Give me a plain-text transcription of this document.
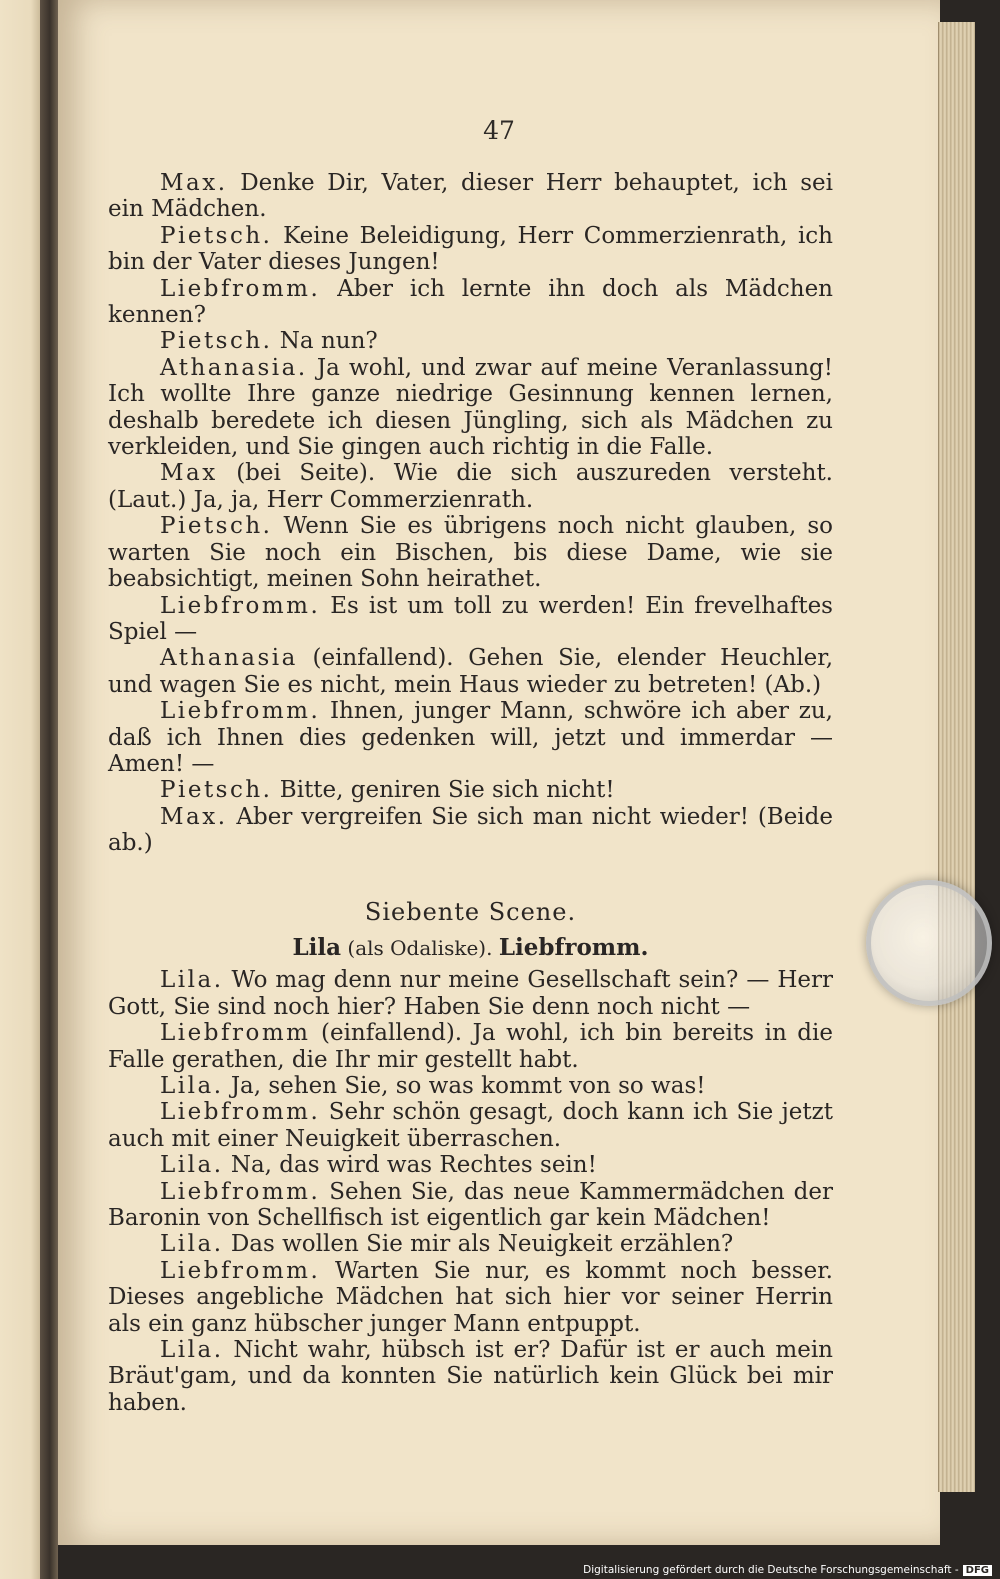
47

Max. Denke Dir, Vater, dieser Herr behauptet, ich sei ein Mädchen.

Pietsch. Keine Beleidigung, Herr Commerzienrath, ich bin der Vater dieses Jungen!

Liebfromm. Aber ich lernte ihn doch als Mädchen kennen?

Pietsch. Na nun?

Athanasia. Ja wohl, und zwar auf meine Veranlassung! Ich wollte Ihre ganze niedrige Gesinnung kennen lernen, deshalb beredete ich diesen Jüngling, sich als Mädchen zu verkleiden, und Sie gingen auch richtig in die Falle.

Max (bei Seite). Wie die sich auszureden versteht. (Laut.) Ja, ja, Herr Commerzienrath.

Pietsch. Wenn Sie es übrigens noch nicht glauben, so warten Sie noch ein Bischen, bis diese Dame, wie sie beabsichtigt, meinen Sohn heirathet.

Liebfromm. Es ist um toll zu werden! Ein frevelhaftes Spiel —

Athanasia (einfallend). Gehen Sie, elender Heuchler, und wagen Sie es nicht, mein Haus wieder zu betreten! (Ab.)

Liebfromm. Ihnen, junger Mann, schwöre ich aber zu, daß ich Ihnen dies gedenken will, jetzt und immerdar — Amen! —

Pietsch. Bitte, geniren Sie sich nicht!

Max. Aber vergreifen Sie sich man nicht wieder! (Beide ab.)

Siebente Scene.
Lila (als Odaliske). Liebfromm.

Lila. Wo mag denn nur meine Gesellschaft sein? — Herr Gott, Sie sind noch hier? Haben Sie denn noch nicht —

Liebfromm (einfallend). Ja wohl, ich bin bereits in die Falle gerathen, die Ihr mir gestellt habt.

Lila. Ja, sehen Sie, so was kommt von so was!

Liebfromm. Sehr schön gesagt, doch kann ich Sie jetzt auch mit einer Neuigkeit überraschen.

Lila. Na, das wird was Rechtes sein!

Liebfromm. Sehen Sie, das neue Kammermädchen der Baronin von Schellfisch ist eigentlich gar kein Mädchen!

Lila. Das wollen Sie mir als Neuigkeit erzählen?

Liebfromm. Warten Sie nur, es kommt noch besser. Dieses angebliche Mädchen hat sich hier vor seiner Herrin als ein ganz hübscher junger Mann entpuppt.

Lila. Nicht wahr, hübsch ist er? Dafür ist er auch mein Bräut'gam, und da konnten Sie natürlich kein Glück bei mir haben.

Digitalisierung gefördert durch die Deutsche Forschungsgemeinschaft - DFG
